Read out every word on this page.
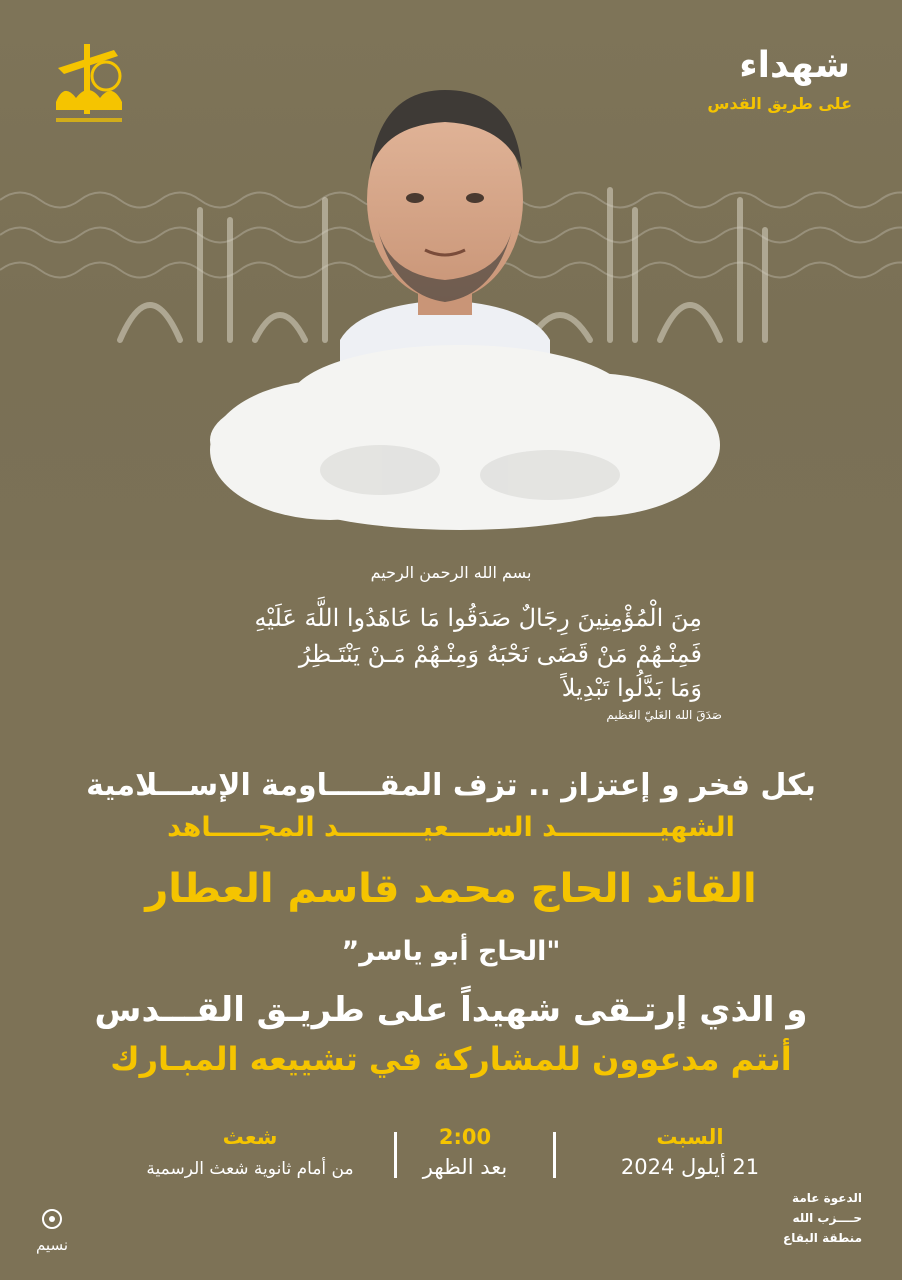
شهداء
على طريق القدس
بسم الله الرحمن الرحيم
مِنَ الْمُؤْمِنِينَ رِجَالٌ صَدَقُوا مَا عَاهَدُوا اللَّهَ عَلَيْهِ
فَمِنْـهُمْ مَنْ قَضَى نَحْبَهُ وَمِنْـهُمْ مَـنْ يَنْتَـظِرُ
وَمَا بَدَّلُوا تَبْدِيلاً
صَدَقَ الله العَليّ العَظيم
بكل فخر و إعتزاز .. تزف المقـــــاومة الإســـلامية
الشهيـــــــــــد الســــعيـــــــــد المجـــــاهد
القائد الحاج محمد قاسم العطار
"الحاج أبو ياسر”
و الذي إرتـقى شهيداً على طريـق القـــدس
أنتم مدعوون للمشاركة في تشييعه المبـارك
السبت
21 أيلول 2024
2:00
بعد الظهر
شعث
من أمام ثانوية شعث الرسمية
الدعوة عامة
حــــزب الله
منطقة البقاع
نسيم
